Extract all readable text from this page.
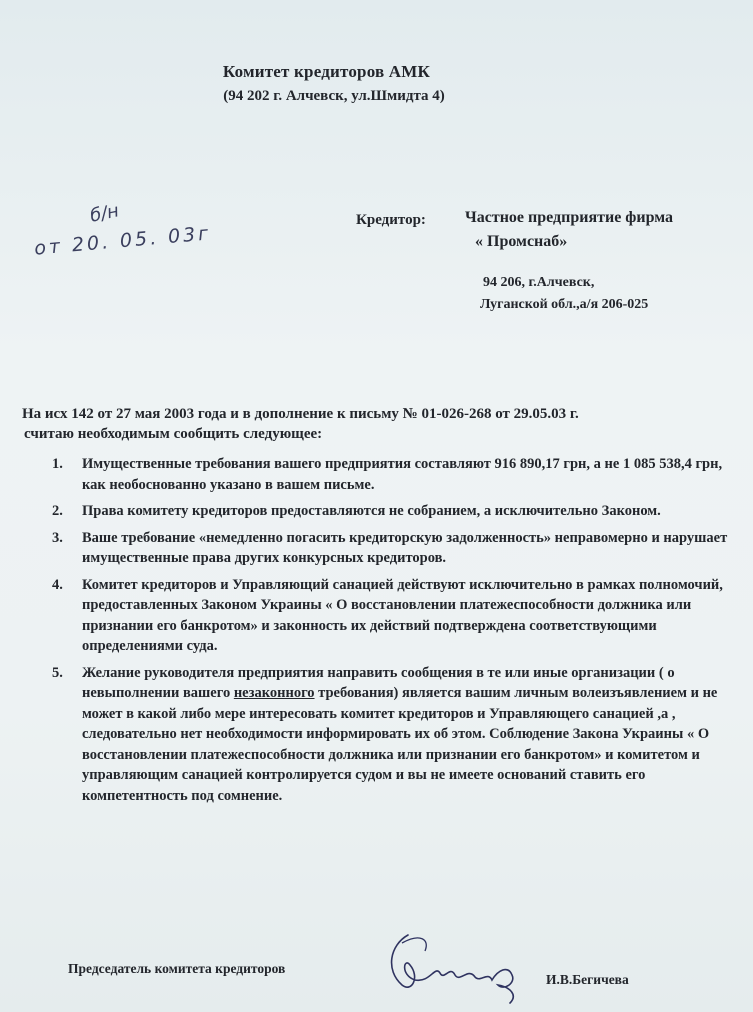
Комитет кредиторов АМК
(94 202 г. Алчевск, ул.Шмидта 4)
б/н
от 20. 05. 03г
Кредитор: Частное предприятие фирма
« Промснаб»
94 206, г.Алчевск,
Луганской обл.,а/я 206-025
На исх 142 от 27 мая 2003 года и в дополнение к письму № 01-026-268 от 29.05.03 г.
считаю необходимым сообщить следующее:
1. Имущественные требования вашего предприятия составляют 916 890,17 грн, а не 1 085 538,4 грн, как необоснованно указано в вашем письме.
2. Права комитету кредиторов предоставляются не собранием, а исключительно Законом.
3. Ваше требование «немедленно погасить кредиторскую задолженность» неправомерно и нарушает имущественные права других конкурсных кредиторов.
4. Комитет кредиторов и Управляющий санацией действуют исключительно в рамках полномочий, предоставленных Законом Украины « О восстановлении платежеспособности должника или признании его банкротом» и законность их действий подтверждена соответствующими определениями суда.
5. Желание руководителя предприятия направить сообщения в те или иные организации ( о невыполнении вашего незаконного требования) является вашим личным волеизъявлением и не может в какой либо мере интересовать комитет кредиторов и Управляющего санацией ,а , следовательно нет необходимости информировать их об этом. Соблюдение Закона Украины « О восстановлении платежеспособности должника или признании его банкротом» и комитетом и управляющим санацией контролируется судом и вы не имеете оснований ставить его компетентность под сомнение.
Председатель комитета кредиторов
И.В.Бегичева
